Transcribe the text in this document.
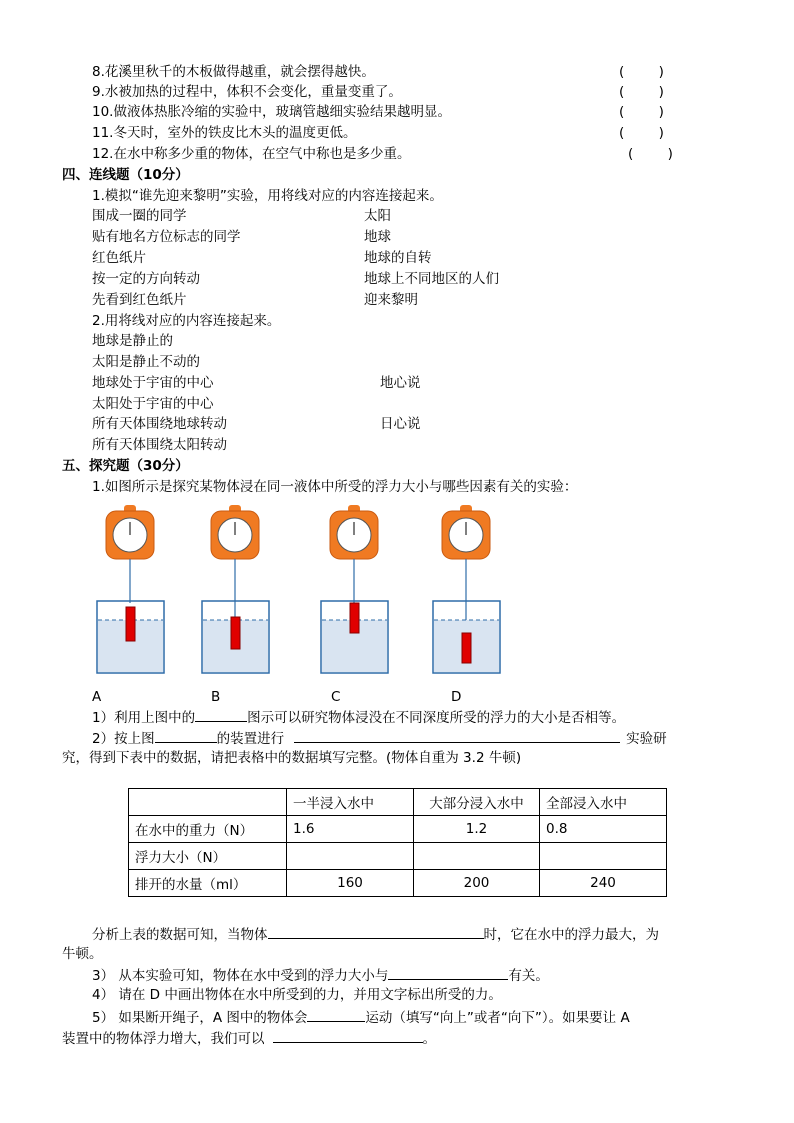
8.花溪里秋千的木板做得越重，就会摆得越快。	(        )
9.水被加热的过程中，体积不会变化，重量变重了。	(        )
10.做液体热胀冷缩的实验中，玻璃管越细实验结果越明显。	(        )
11.冬天时，室外的铁皮比木头的温度更低。	(        )
12.在水中称多少重的物体，在空气中称也是多少重。	(        )
四、连线题（10分）
1.模拟“谁先迎来黎明”实验，用将线对应的内容连接起来。
围成一圈的同学	太阳
贴有地名方位标志的同学	地球
红色纸片	地球的自转
按一定的方向转动	地球上不同地区的人们
先看到红色纸片	迎来黎明
2.用将线对应的内容连接起来。
地球是静止的
太阳是静止不动的
地球处于宇宙的中心	地心说
太阳处于宇宙的中心
所有天体围绕地球转动	日心说
所有天体围绕太阳转动
五、探究题（30分）
1.如图所示是探究某物体浸在同一液体中所受的浮力大小与哪些因素有关的实验：
A	B	C	D
1）利用上图中的	图示可以研究物体浸没在不同深度所受的浮力的大小是否相等。
2）按上图	的装置进行	实验研
究，得到下表中的数据，请把表格中的数据填写完整。(物体自重为 3.2 牛顿)
	一半浸入水中	大部分浸入水中	全部浸入水中
在水中的重力（N）	1.6	1.2	0.8
浮力大小（N）			
排开的水量（ml）	160	200	240
分析上表的数据可知，当物体	时，它在水中的浮力最大，为
牛顿。
3） 从本实验可知，物体在水中受到的浮力大小与	有关。
4） 请在 D 中画出物体在水中所受到的力，并用文字标出所受的力。
5） 如果断开绳子，A 图中的物体会	运动（填写“向上”或者“向下”）。如果要让 A
装置中的物体浮力增大，我们可以	。
